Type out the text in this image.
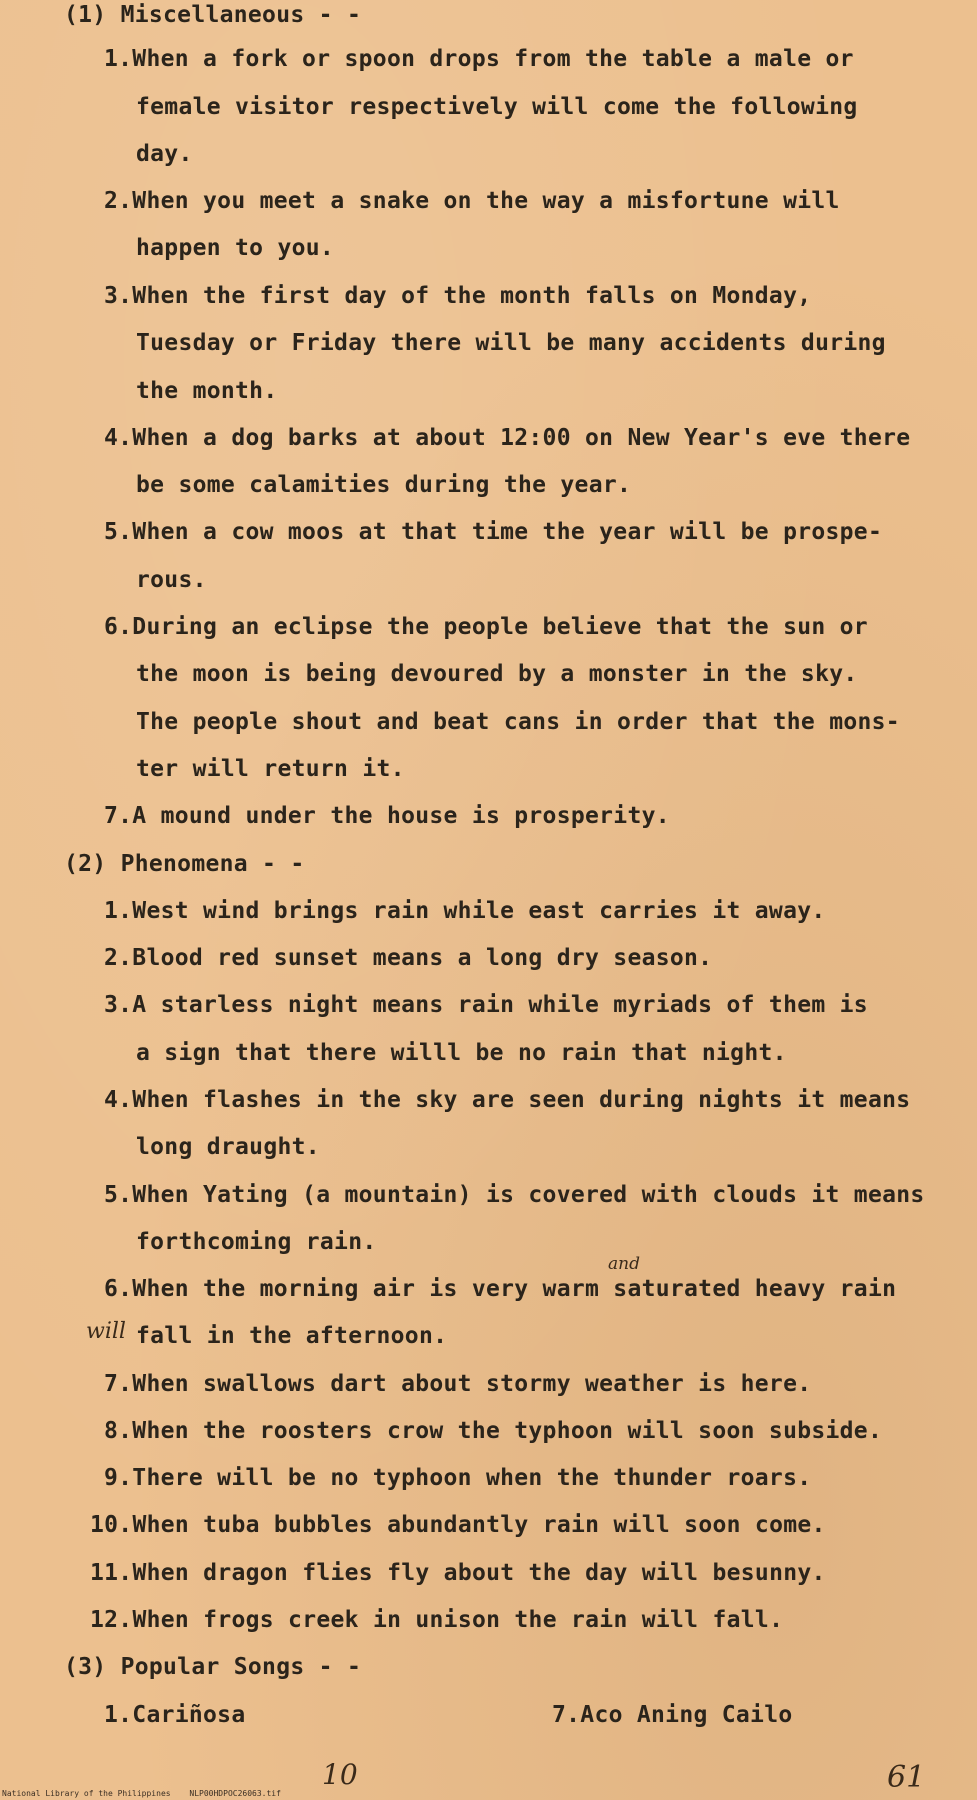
(1) Miscellaneous - -
1.When a fork or spoon drops from the table a male or
female visitor respectively will come the following
day.
2.When you meet a snake on the way a misfortune will
happen to you.
3.When the first day of the month falls on Monday,
Tuesday or Friday there will be many accidents during
the month.
4.When a dog barks at about 12:00 on New Year's eve there
be some calamities during the year.
5.When a cow moos at that time the year will be prospe-
rous.
6.During an eclipse the people believe that the sun or
the moon is being devoured by a monster in the sky.
The people shout and beat cans in order that the mons-
ter will return it.
7.A mound under the house is prosperity.
(2) Phenomena - -
1.West wind brings rain while east carries it away.
2.Blood red sunset means a long dry season.
3.A starless night means rain while myriads of them is
a sign that there willl be no rain that night.
4.When flashes in the sky are seen during nights it means
long draught.
5.When Yating (a mountain) is covered with clouds it means
forthcoming rain.
6.When the morning air is very warm saturated heavy rain
fall in the afternoon.
7.When swallows dart about stormy weather is here.
8.When the roosters crow the typhoon will soon subside.
9.There will be no typhoon when the thunder roars.
10.When tuba bubbles abundantly rain will soon come.
11.When dragon flies fly about the day will besunny.
12.When frogs creek in unison the rain will fall.
(3) Popular Songs - -
1.Cariñosa	7.Aco Aning Cailo
and
will
10	61
National Library of the Philippines NLP00HDPOC26063.tif
